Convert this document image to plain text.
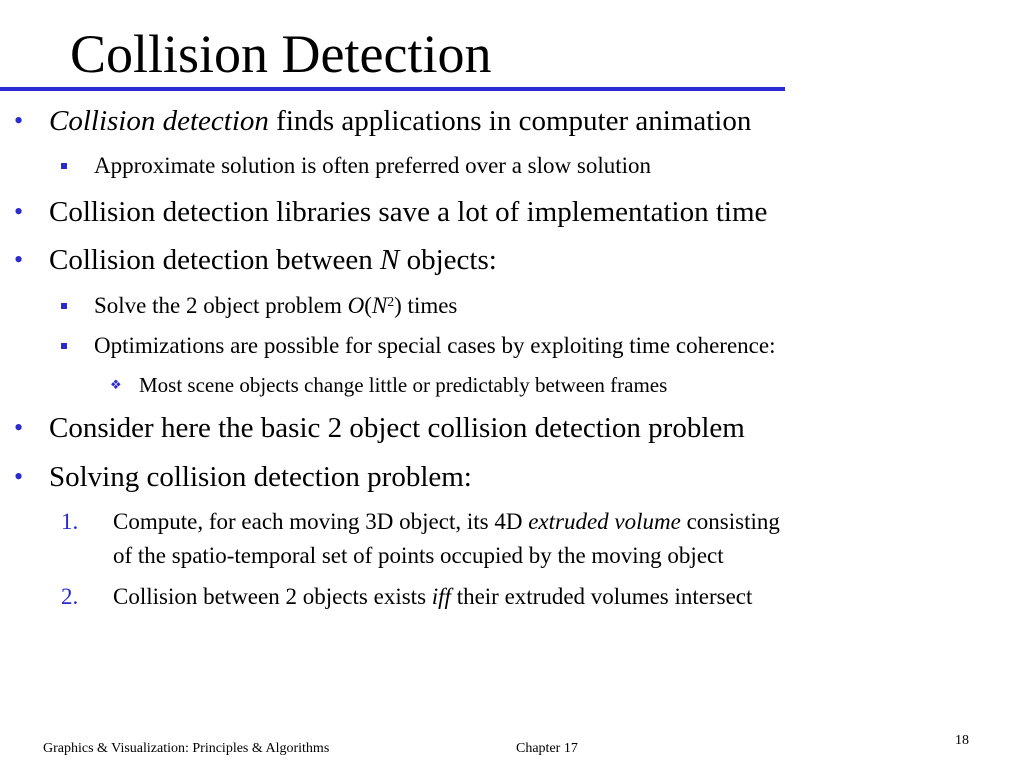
Collision Detection
• Collision detection finds applications in computer animation
Approximate solution is often preferred over a slow solution
• Collision detection libraries save a lot of implementation time
• Collision detection between N objects:
Solve the 2 object problem $O(N^2)$ times
Optimizations are possible for special cases by exploiting time coherence:
❖ Most scene objects change little or predictably between frames
• Consider here the basic 2 object collision detection problem
• Solving collision detection problem:
1. Compute, for each moving 3D object, its 4D extruded volume consisting
of the spatio-temporal set of points occupied by the moving object
2. Collision between 2 objects exists iff their extruded volumes intersect
Graphics & Visualization: Principles & Algorithms	Chapter 17
18
